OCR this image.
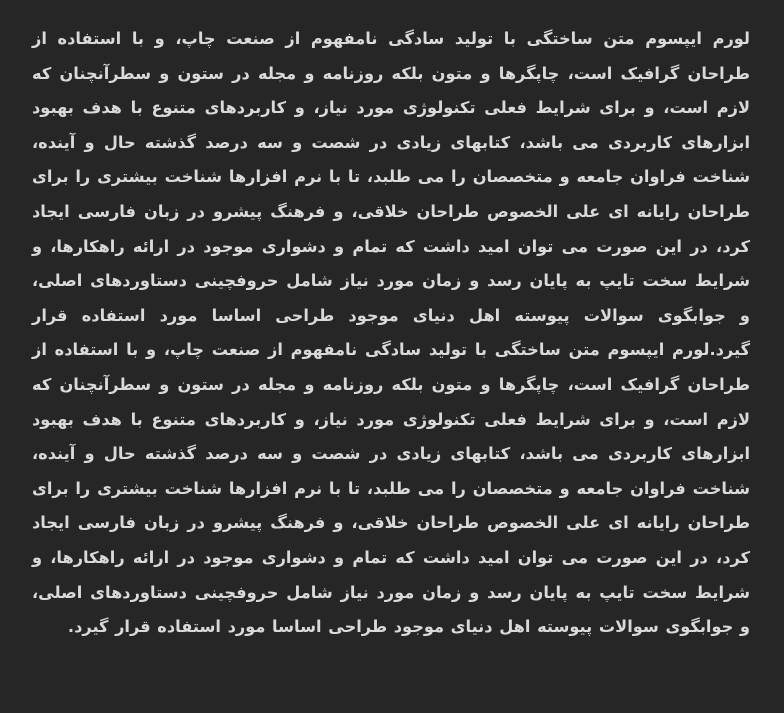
لورم ایپسوم متن ساختگی با تولید سادگی نامفهوم از صنعت چاپ، و با استفاده از طراحان گرافیک است، چاپگرها و متون بلکه روزنامه و مجله در ستون و سطرآنچنان که لازم است، و برای شرایط فعلی تکنولوژی مورد نیاز، و کاربردهای متنوع با هدف بهبود ابزارهای کاربردی می باشد، کتابهای زیادی در شصت و سه درصد گذشته حال و آینده، شناخت فراوان جامعه و متخصصان را می طلبد، تا با نرم افزارها شناخت بیشتری را برای طراحان رایانه ای علی الخصوص طراحان خلاقی، و فرهنگ پیشرو در زبان فارسی ایجاد کرد، در این صورت می توان امید داشت که تمام و دشواری موجود در ارائه راهکارها، و شرایط سخت تایپ به پایان رسد و زمان مورد نیاز شامل حروفچینی دستاوردهای اصلی، و جوابگوی سوالات پیوسته اهل دنیای موجود طراحی اساسا مورد استفاده قرار گیرد.لورم ایپسوم متن ساختگی با تولید سادگی نامفهوم از صنعت چاپ، و با استفاده از طراحان گرافیک است، چاپگرها و متون بلکه روزنامه و مجله در ستون و سطرآنچنان که لازم است، و برای شرایط فعلی تکنولوژی مورد نیاز، و کاربردهای متنوع با هدف بهبود ابزارهای کاربردی می باشد، کتابهای زیادی در شصت و سه درصد گذشته حال و آینده، شناخت فراوان جامعه و متخصصان را می طلبد، تا با نرم افزارها شناخت بیشتری را برای طراحان رایانه ای علی الخصوص طراحان خلاقی، و فرهنگ پیشرو در زبان فارسی ایجاد کرد، در این صورت می توان امید داشت که تمام و دشواری موجود در ارائه راهکارها، و شرایط سخت تایپ به پایان رسد و زمان مورد نیاز شامل حروفچینی دستاوردهای اصلی، و جوابگوی سوالات پیوسته اهل دنیای موجود طراحی اساسا مورد استفاده قرار گیرد.
